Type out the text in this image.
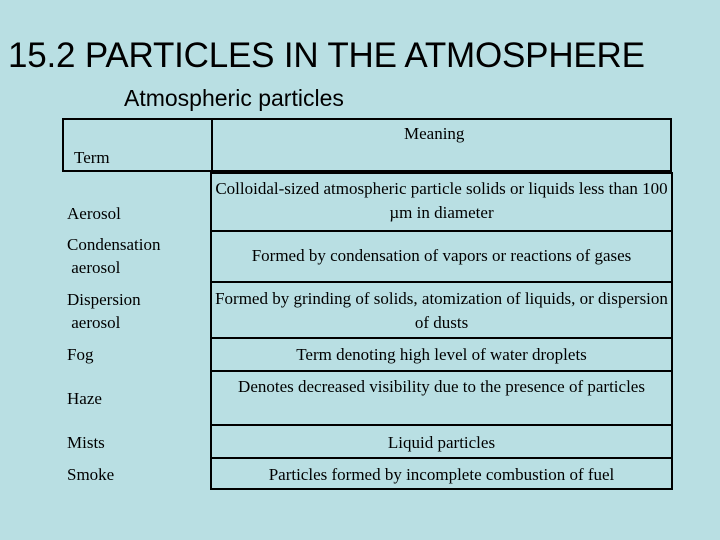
15.2 PARTICLES IN THE ATMOSPHERE
Atmospheric particles
Term
Meaning
Aerosol
Condensation
aerosol
Dispersion
aerosol
Fog
Haze
Mists
Smoke
Colloidal-sized atmospheric particle solids or liquids less than 100 µm in diameter
Formed by condensation of vapors or reactions of gases
Formed by grinding of solids, atomization of liquids, or dispersion of dusts
Term denoting high level of water droplets
Denotes decreased visibility due to the presence of particles
Liquid particles
Particles formed by incomplete combustion of fuel
